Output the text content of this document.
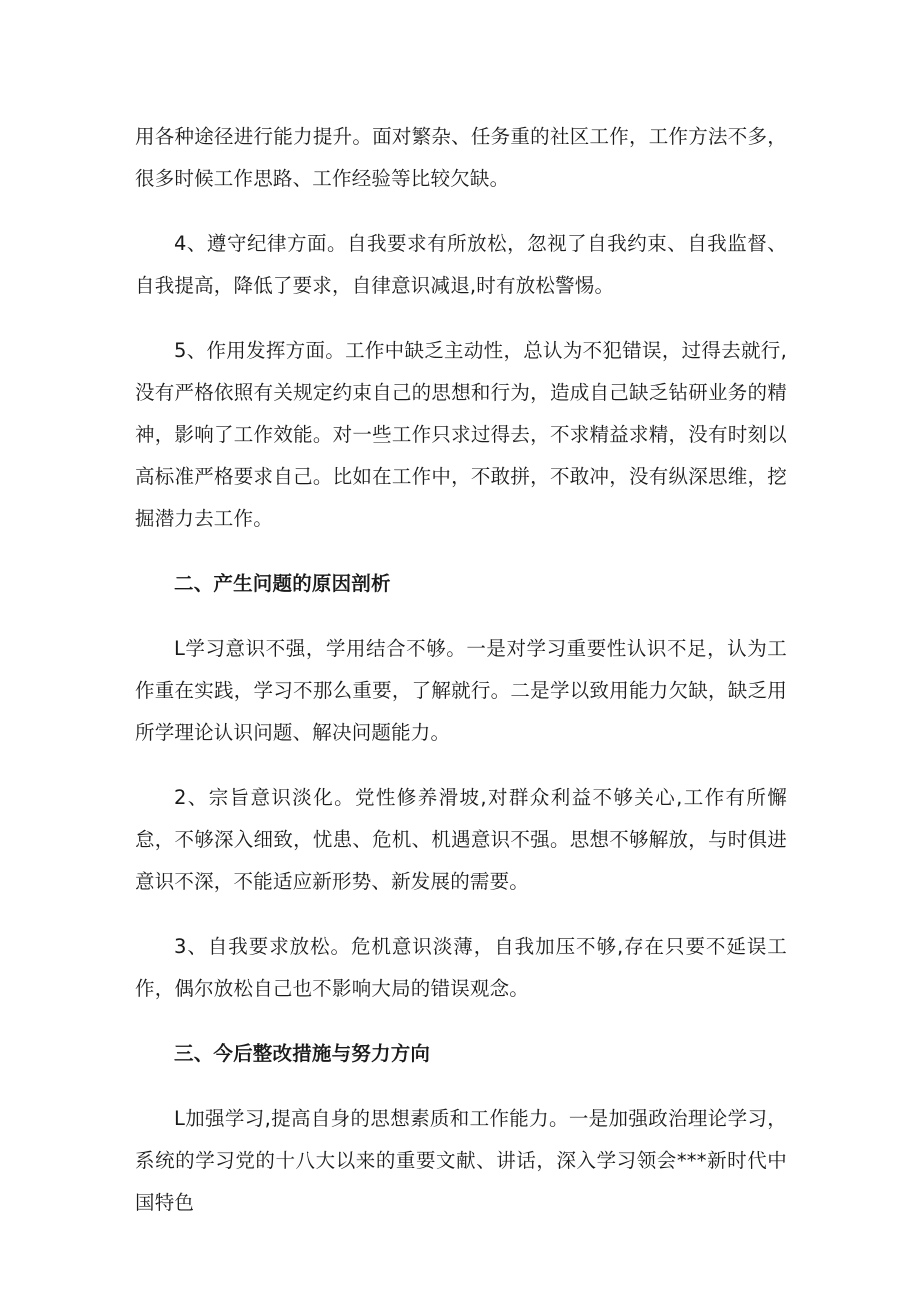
用各种途径进行能力提升。面对繁杂、任务重的社区工作，工作方法不多，很多时候工作思路、工作经验等比较欠缺。

4、遵守纪律方面。自我要求有所放松，忽视了自我约束、自我监督、自我提高，降低了要求，自律意识减退,时有放松警惕。

5、作用发挥方面。工作中缺乏主动性，总认为不犯错误，过得去就行,没有严格依照有关规定约束自己的思想和行为，造成自己缺乏钻研业务的精神，影响了工作效能。对一些工作只求过得去，不求精益求精，没有时刻以高标准严格要求自己。比如在工作中，不敢拼，不敢冲，没有纵深思维，挖掘潜力去工作。

二、产生问题的原因剖析

L学习意识不强，学用结合不够。一是对学习重要性认识不足，认为工作重在实践，学习不那么重要，了解就行。二是学以致用能力欠缺，缺乏用所学理论认识问题、解决问题能力。

2、宗旨意识淡化。党性修养滑坡,对群众利益不够关心,工作有所懈怠，不够深入细致，忧患、危机、机遇意识不强。思想不够解放，与时俱进意识不深，不能适应新形势、新发展的需要。

3、自我要求放松。危机意识淡薄，自我加压不够,存在只要不延误工作，偶尔放松自己也不影响大局的错误观念。

三、今后整改措施与努力方向

L加强学习,提高自身的思想素质和工作能力。一是加强政治理论学习，系统的学习党的十八大以来的重要文献、讲话，深入学习领会***新时代中国特色
